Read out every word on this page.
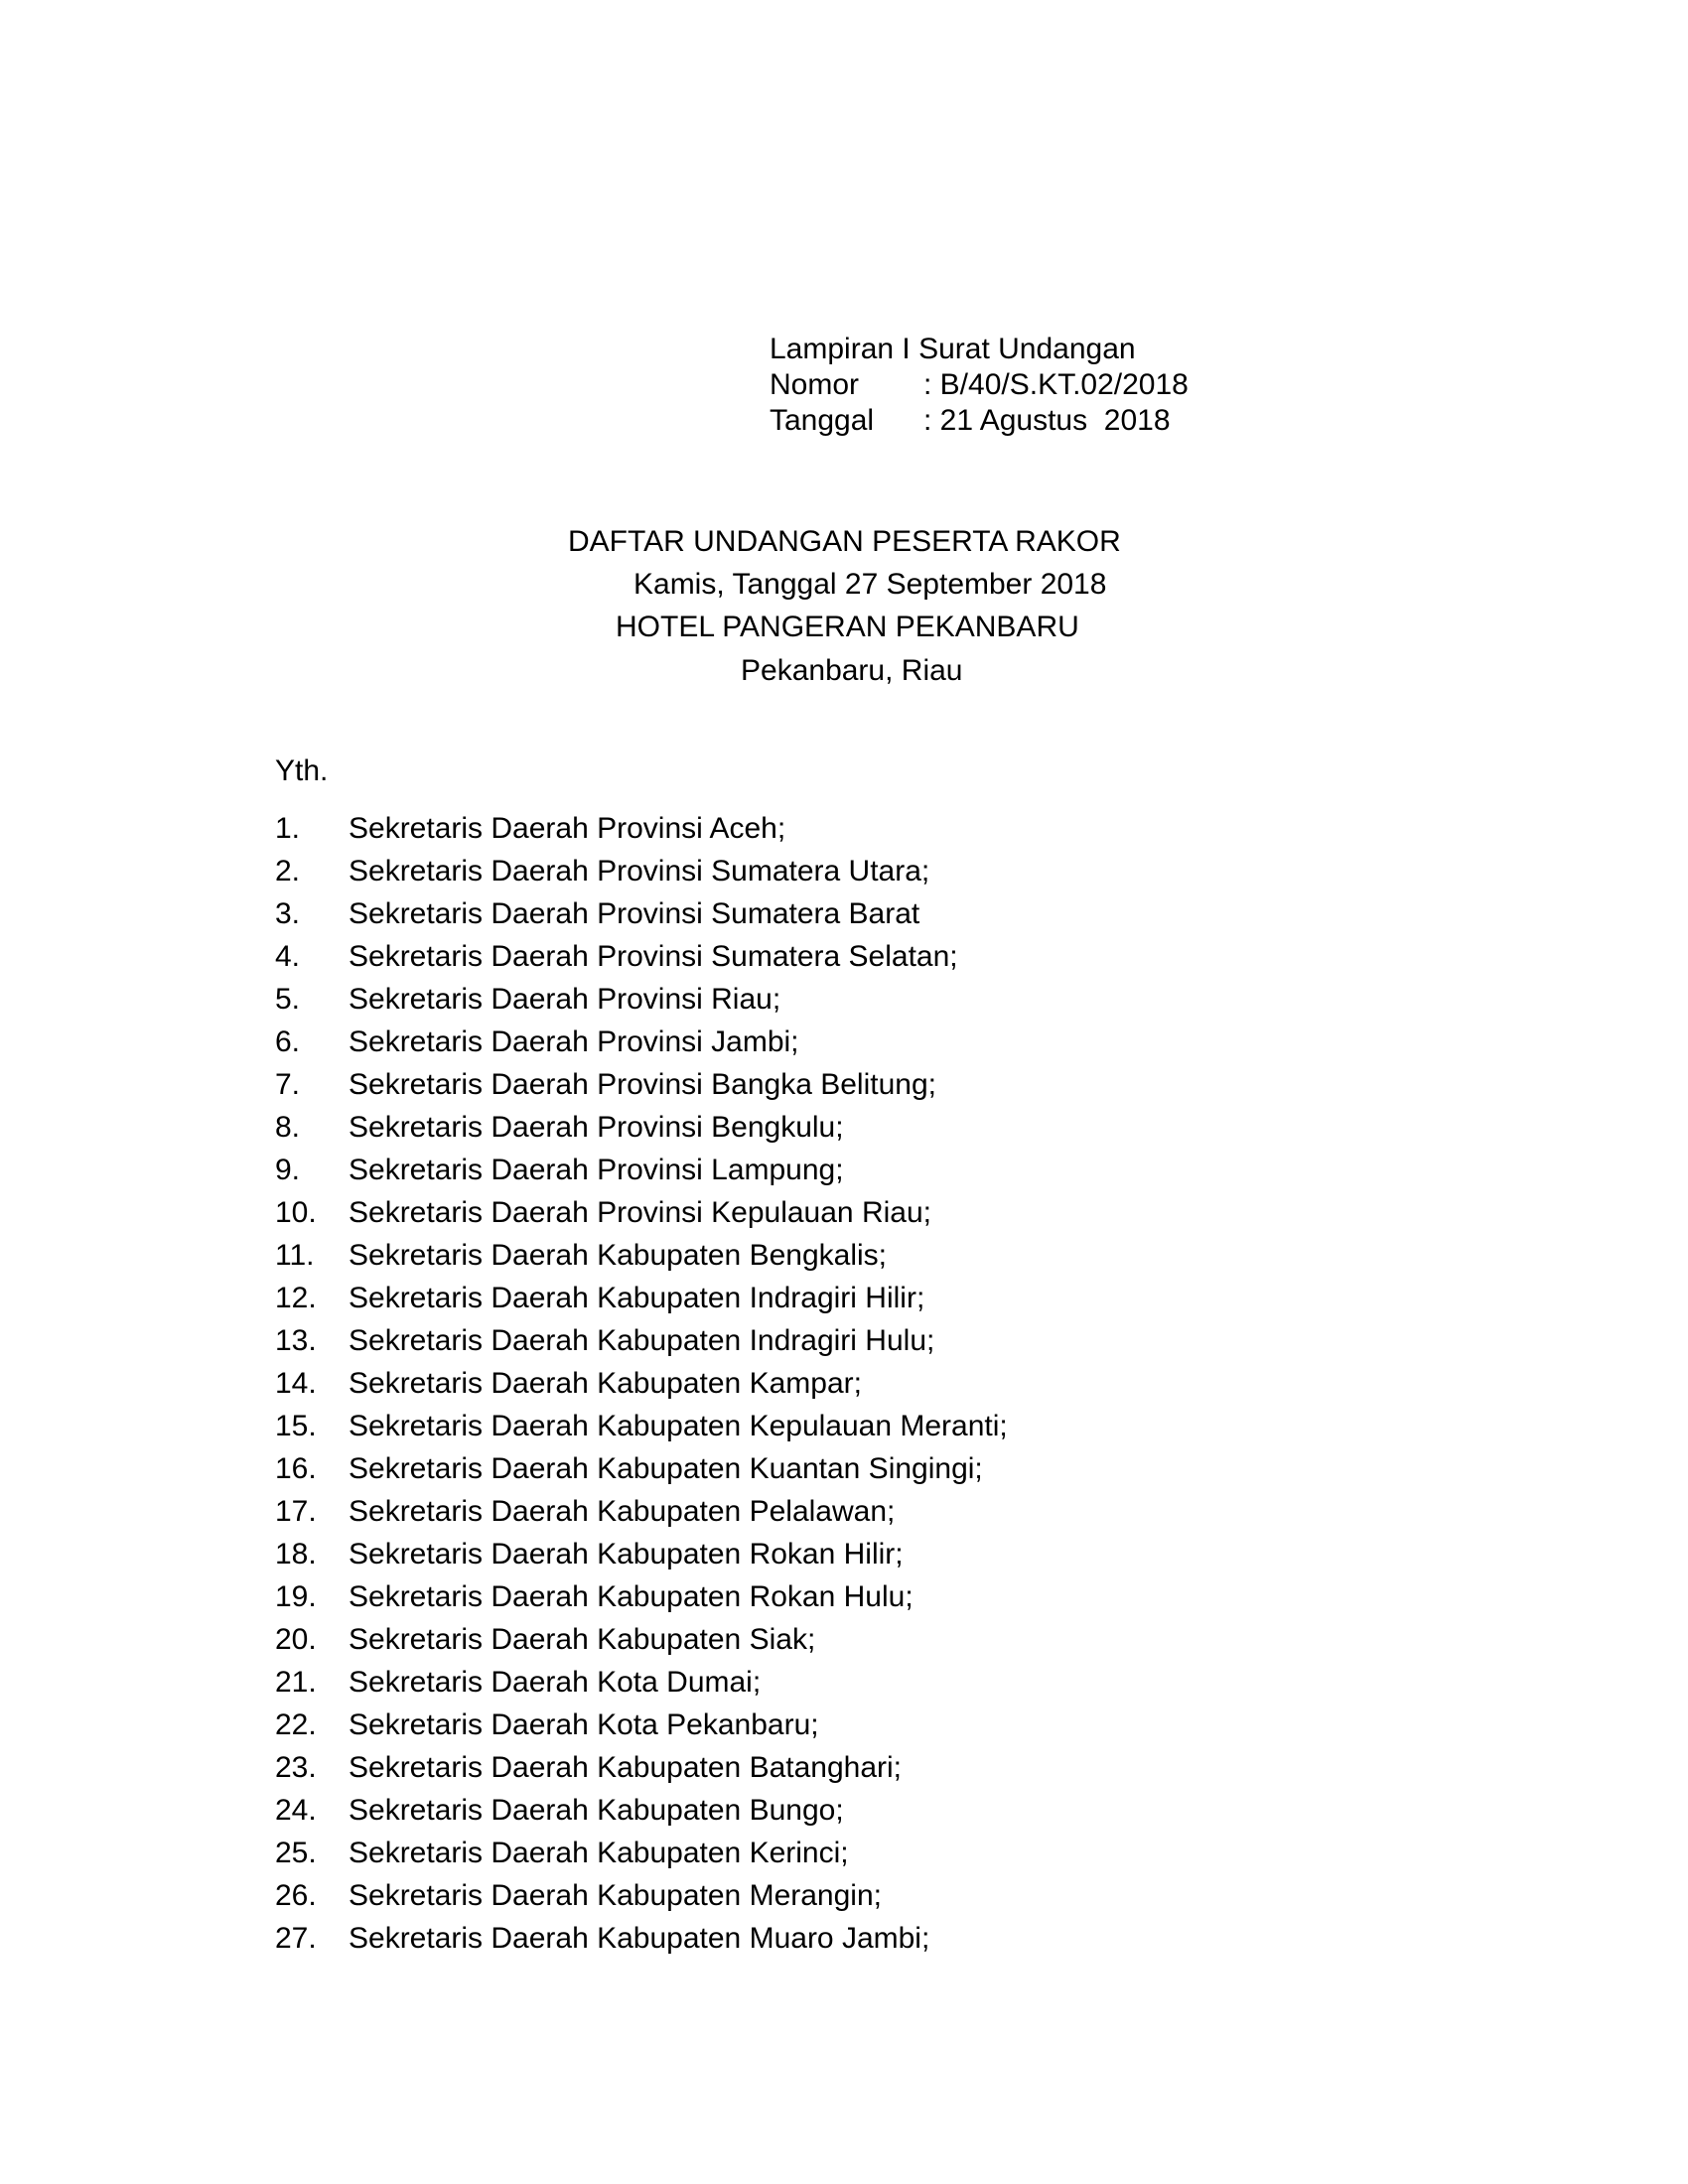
Lampiran I Surat Undangan
Nomor	: B/40/S.KT.02/2018
Tanggal	: 21 Agustus  2018
DAFTAR UNDANGAN PESERTA RAKOR
Kamis, Tanggal 27 September 2018
HOTEL PANGERAN PEKANBARU
Pekanbaru, Riau
Yth.
1.	Sekretaris Daerah Provinsi Aceh;
2.	Sekretaris Daerah Provinsi Sumatera Utara;
3.	Sekretaris Daerah Provinsi Sumatera Barat
4.	Sekretaris Daerah Provinsi Sumatera Selatan;
5.	Sekretaris Daerah Provinsi Riau;
6.	Sekretaris Daerah Provinsi Jambi;
7.	Sekretaris Daerah Provinsi Bangka Belitung;
8.	Sekretaris Daerah Provinsi Bengkulu;
9.	Sekretaris Daerah Provinsi Lampung;
10.	Sekretaris Daerah Provinsi Kepulauan Riau;
11.	Sekretaris Daerah Kabupaten Bengkalis;
12.	Sekretaris Daerah Kabupaten Indragiri Hilir;
13.	Sekretaris Daerah Kabupaten Indragiri Hulu;
14.	Sekretaris Daerah Kabupaten Kampar;
15.	Sekretaris Daerah Kabupaten Kepulauan Meranti;
16.	Sekretaris Daerah Kabupaten Kuantan Singingi;
17.	Sekretaris Daerah Kabupaten Pelalawan;
18.	Sekretaris Daerah Kabupaten Rokan Hilir;
19.	Sekretaris Daerah Kabupaten Rokan Hulu;
20.	Sekretaris Daerah Kabupaten Siak;
21.	Sekretaris Daerah Kota Dumai;
22.	Sekretaris Daerah Kota Pekanbaru;
23.	Sekretaris Daerah Kabupaten Batanghari;
24.	Sekretaris Daerah Kabupaten Bungo;
25.	Sekretaris Daerah Kabupaten Kerinci;
26.	Sekretaris Daerah Kabupaten Merangin;
27.	Sekretaris Daerah Kabupaten Muaro Jambi;
